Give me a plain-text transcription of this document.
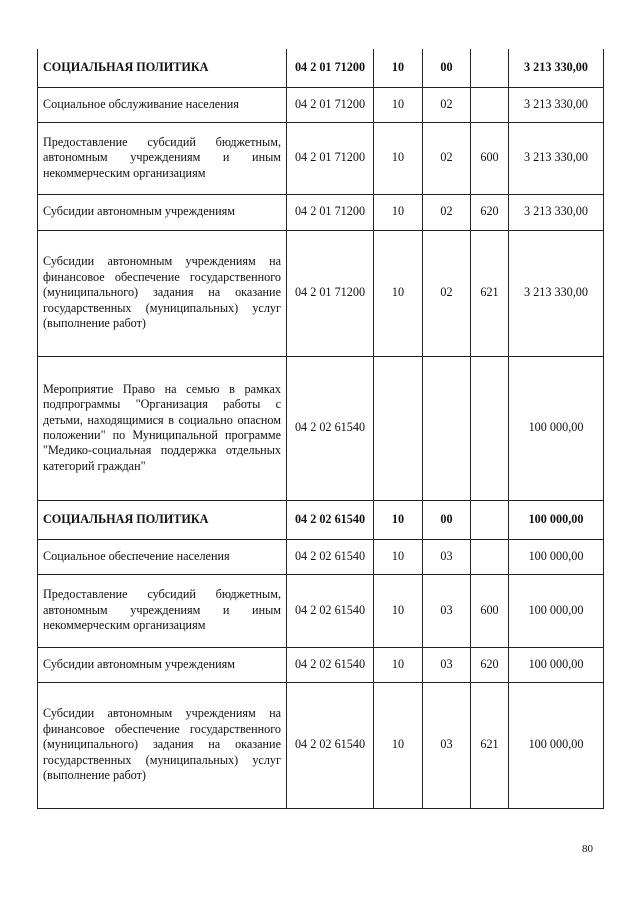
СОЦИАЛЬНАЯ ПОЛИТИКА	04 2 01 71200	10	00		3 213 330,00
Социальное обслуживание населения	04 2 01 71200	10	02		3 213 330,00
Предоставление субсидий бюджетным, автономным учреждениям и иным некоммерческим организациям	04 2 01 71200	10	02	600	3 213 330,00
Субсидии автономным учреждениям	04 2 01 71200	10	02	620	3 213 330,00
Субсидии автономным учреждениям на финансовое обеспечение государственного (муниципального) задания на оказание государственных (муниципальных) услуг (выполнение работ)	04 2 01 71200	10	02	621	3 213 330,00
Мероприятие Право на семью в рамках подпрограммы "Организация работы с детьми, находящимися в социально опасном положении" по Муниципальной программе "Медико-социальная поддержка отдельных категорий граждан"	04 2 02 61540				100 000,00
СОЦИАЛЬНАЯ ПОЛИТИКА	04 2 02 61540	10	00		100 000,00
Социальное обеспечение населения	04 2 02 61540	10	03		100 000,00
Предоставление субсидий бюджетным, автономным учреждениям и иным некоммерческим организациям	04 2 02 61540	10	03	600	100 000,00
Субсидии автономным учреждениям	04 2 02 61540	10	03	620	100 000,00
Субсидии автономным учреждениям на финансовое обеспечение государственного (муниципального) задания на оказание государственных (муниципальных) услуг (выполнение работ)	04 2 02 61540	10	03	621	100 000,00
80
